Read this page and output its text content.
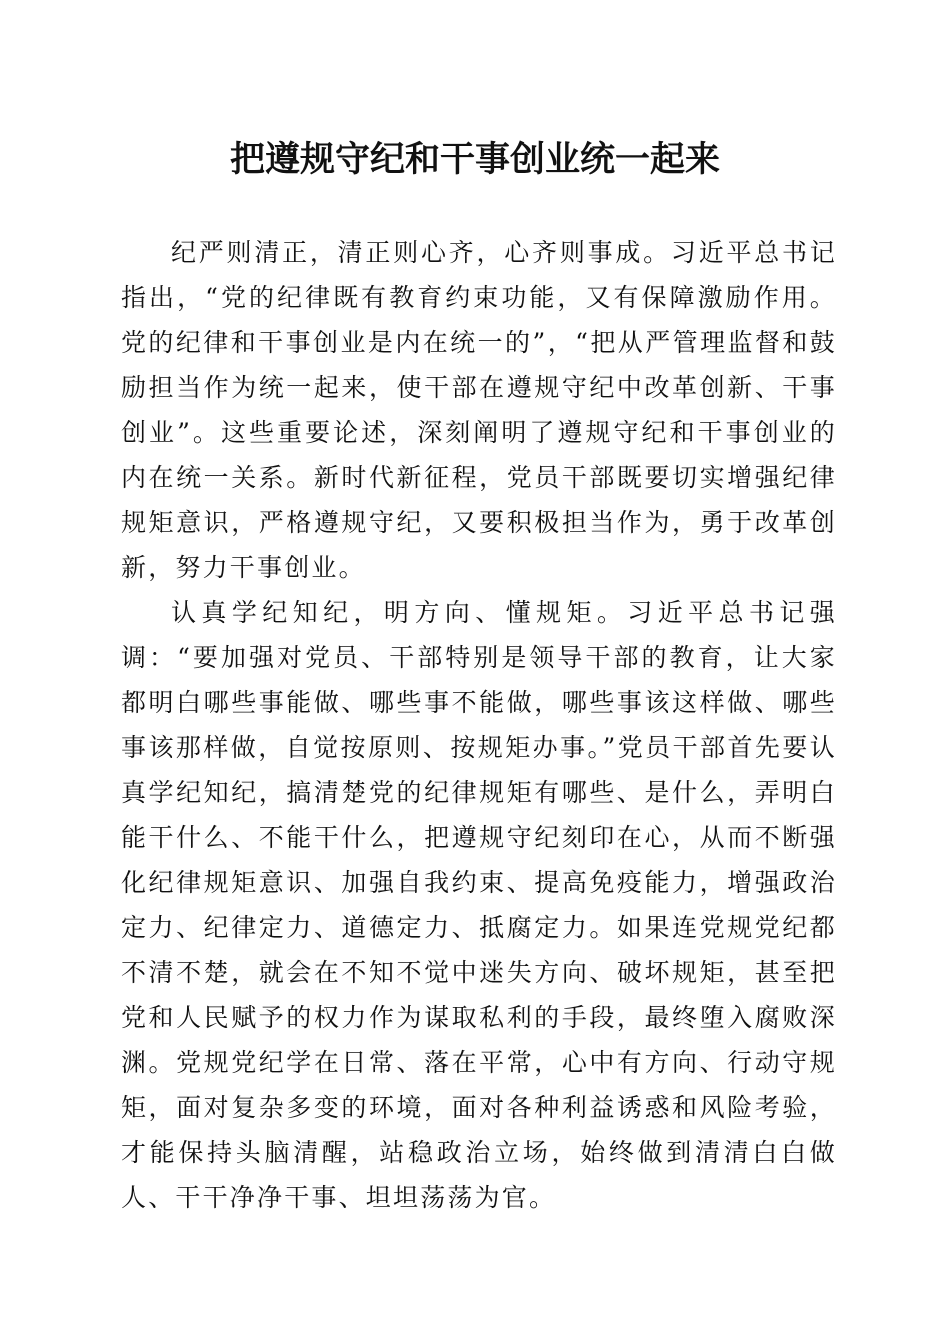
把遵规守纪和干事创业统一起来

纪严则清正，清正则心齐，心齐则事成。习近平总书记指出，“党的纪律既有教育约束功能，又有保障激励作用。党的纪律和干事创业是内在统一的”，“把从严管理监督和鼓励担当作为统一起来，使干部在遵规守纪中改革创新、干事创业”。这些重要论述，深刻阐明了遵规守纪和干事创业的内在统一关系。新时代新征程，党员干部既要切实增强纪律规矩意识，严格遵规守纪，又要积极担当作为，勇于改革创新，努力干事创业。

认真学纪知纪，明方向、懂规矩。习近平总书记强调：“要加强对党员、干部特别是领导干部的教育，让大家都明白哪些事能做、哪些事不能做，哪些事该这样做、哪些事该那样做，自觉按原则、按规矩办事。”党员干部首先要认真学纪知纪，搞清楚党的纪律规矩有哪些、是什么，弄明白能干什么、不能干什么，把遵规守纪刻印在心，从而不断强化纪律规矩意识、加强自我约束、提高免疫能力，增强政治定力、纪律定力、道德定力、抵腐定力。如果连党规党纪都不清不楚，就会在不知不觉中迷失方向、破坏规矩，甚至把党和人民赋予的权力作为谋取私利的手段，最终堕入腐败深渊。党规党纪学在日常、落在平常，心中有方向、行动守规矩，面对复杂多变的环境，面对各种利益诱惑和风险考验，才能保持头脑清醒，站稳政治立场，始终做到清清白白做人、干干净净干事、坦坦荡荡为官。
